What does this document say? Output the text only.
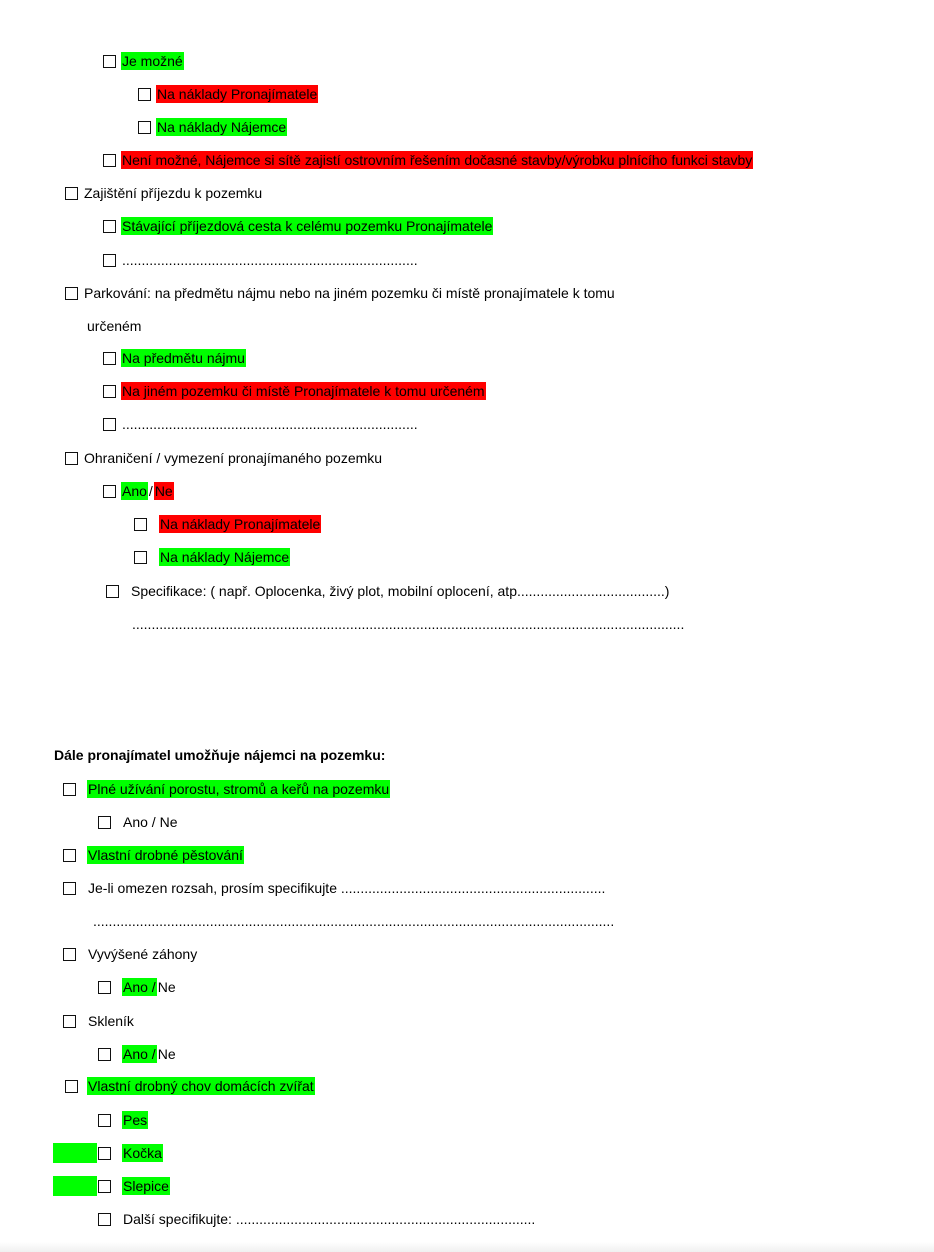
Je možné
Na náklady Pronajímatele
Na náklady Nájemce
Není možné, Nájemce si sítě zajistí ostrovním řešením dočasné stavby/výrobku plnícího funkci stavby
Zajištění příjezdu k pozemku
Stávající příjezdová cesta k celému pozemku Pronajímatele
............................................................................
Parkování: na předmětu nájmu nebo na jiném pozemku či místě pronajímatele k tomu
určeném
Na předmětu nájmu
Na jiném pozemku či místě Pronajímatele k tomu určeném
............................................................................
Ohraničení / vymezení pronajímaného pozemku
Ano / Ne
Na náklady Pronajímatele
Na náklady Nájemce
Specifikace: ( např. Oplocenka, živý plot, mobilní oplocení, atp......................................)
..............................................................................................................................................
Dále pronajímatel umožňuje nájemci na pozemku:
Plné užívání porostu, stromů a keřů na pozemku
Ano / Ne
Vlastní drobné pěstování
Je-li omezen rozsah, prosím specifikujte ....................................................................
......................................................................................................................................
Vyvýšené záhony
Ano / Ne
Skleník
Ano / Ne
Vlastní drobný chov domácích zvířat
Pes
Kočka
Slepice
Další specifikujte: .............................................................................
